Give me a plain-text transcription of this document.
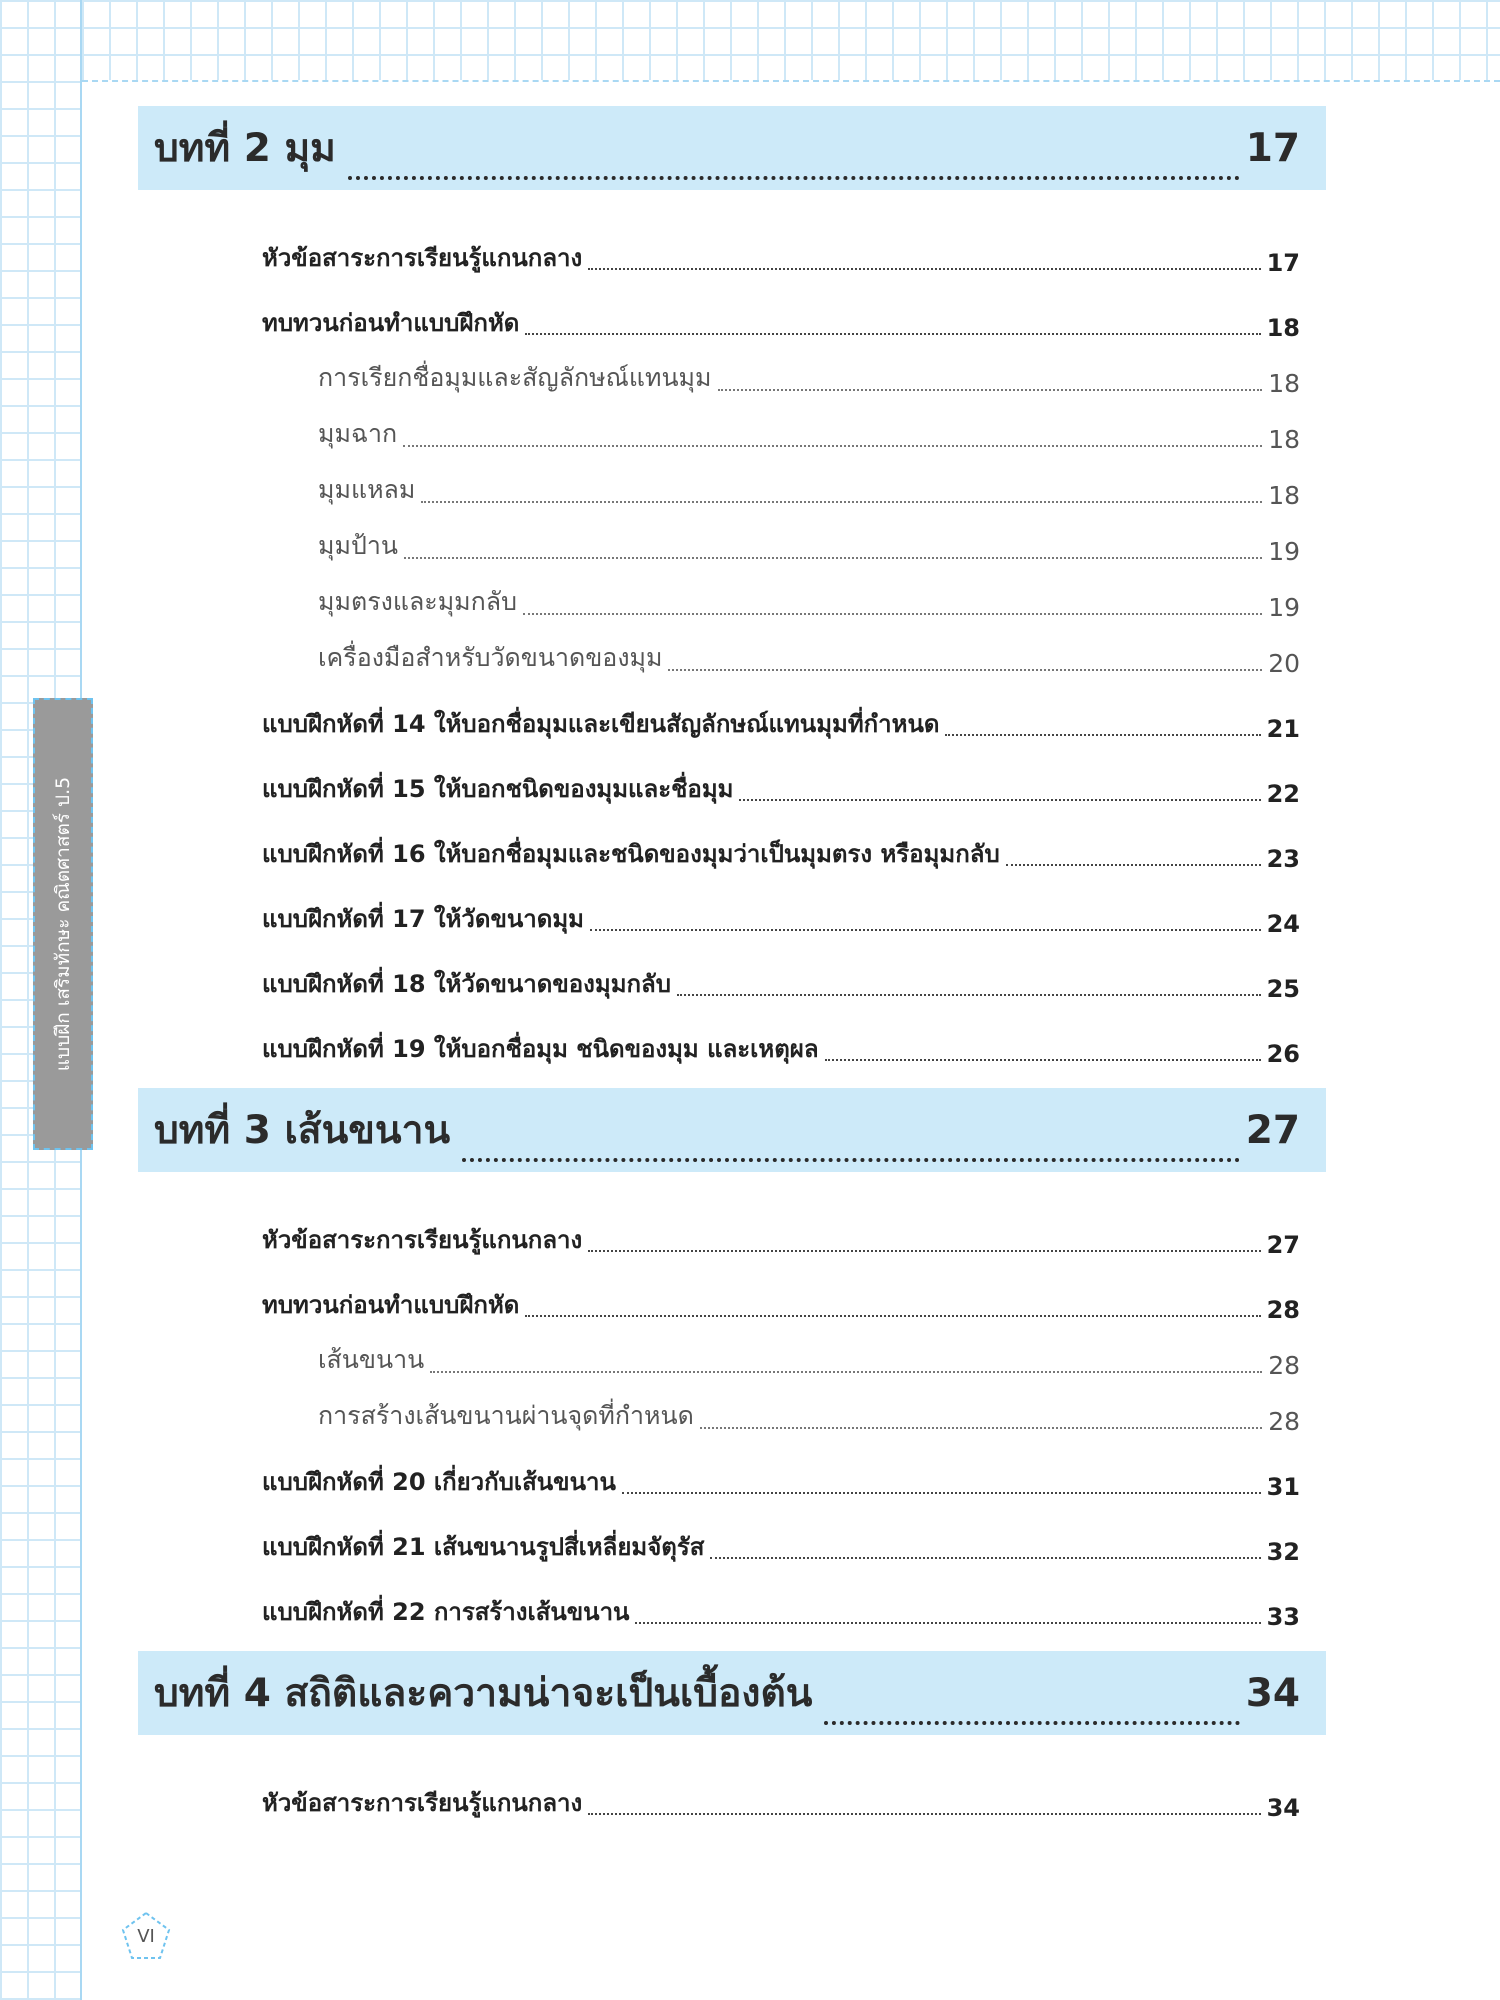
แบบฝึก เสริมทักษะ คณิตศาสตร์ ป.5
บทที่ 2 มุม	17
หัวข้อสาระการเรียนรู้แกนกลาง	17
ทบทวนก่อนทำแบบฝึกหัด	18
การเรียกชื่อมุมและสัญลักษณ์แทนมุม	18
มุมฉาก	18
มุมแหลม	18
มุมป้าน	19
มุมตรงและมุมกลับ	19
เครื่องมือสำหรับวัดขนาดของมุม	20
แบบฝึกหัดที่ 14 ให้บอกชื่อมุมและเขียนสัญลักษณ์แทนมุมที่กำหนด	21
แบบฝึกหัดที่ 15 ให้บอกชนิดของมุมและชื่อมุม	22
แบบฝึกหัดที่ 16 ให้บอกชื่อมุมและชนิดของมุมว่าเป็นมุมตรง หรือมุมกลับ	23
แบบฝึกหัดที่ 17 ให้วัดขนาดมุม	24
แบบฝึกหัดที่ 18 ให้วัดขนาดของมุมกลับ	25
แบบฝึกหัดที่ 19 ให้บอกชื่อมุม ชนิดของมุม และเหตุผล	26
บทที่ 3 เส้นขนาน	27
หัวข้อสาระการเรียนรู้แกนกลาง	27
ทบทวนก่อนทำแบบฝึกหัด	28
เส้นขนาน	28
การสร้างเส้นขนานผ่านจุดที่กำหนด	28
แบบฝึกหัดที่ 20 เกี่ยวกับเส้นขนาน	31
แบบฝึกหัดที่ 21 เส้นขนานรูปสี่เหลี่ยมจัตุรัส	32
แบบฝึกหัดที่ 22 การสร้างเส้นขนาน	33
บทที่ 4 สถิติและความน่าจะเป็นเบื้องต้น	34
หัวข้อสาระการเรียนรู้แกนกลาง	34
VI
